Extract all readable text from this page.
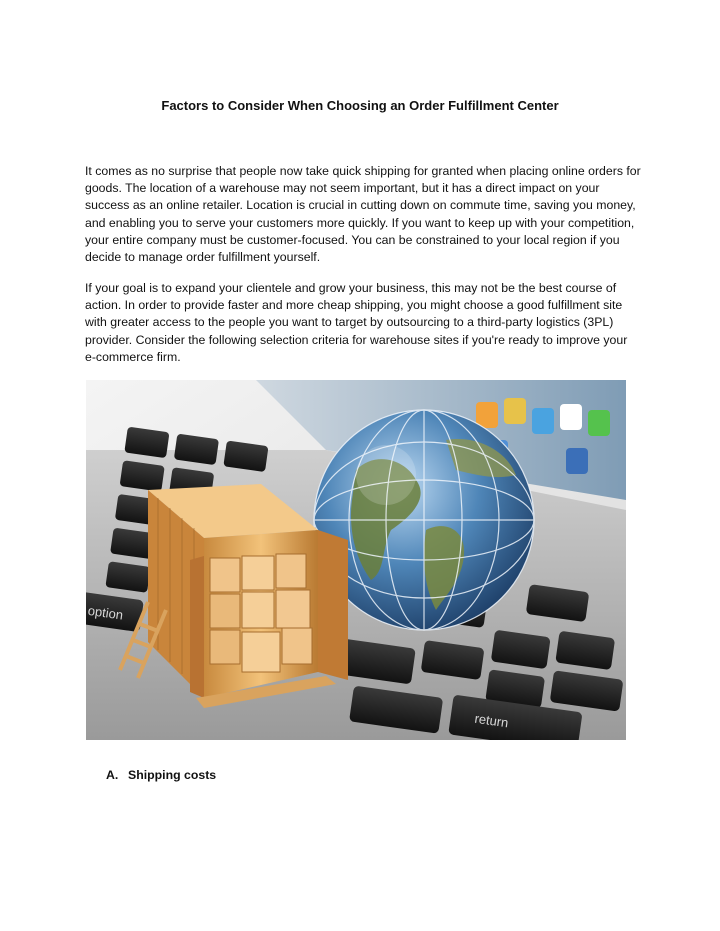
Factors to Consider When Choosing an Order Fulfillment Center

It comes as no surprise that people now take quick shipping for granted when placing online orders for goods. The location of a warehouse may not seem important, but it has a direct impact on your success as an online retailer. Location is crucial in cutting down on commute time, saving you money, and enabling you to serve your customers more quickly. If you want to keep up with your competition, your entire company must be customer-focused. You can be constrained to your local region if you decide to manage order fulfillment yourself.

If your goal is to expand your clientele and grow your business, this may not be the best course of action. In order to provide faster and more cheap shipping, you might choose a good fulfillment site with greater access to the people you want to target by outsourcing to a third-party logistics (3PL) provider. Consider the following selection criteria for warehouse sites if you're ready to improve your e-commerce firm.

option
return
A. Shipping costs
